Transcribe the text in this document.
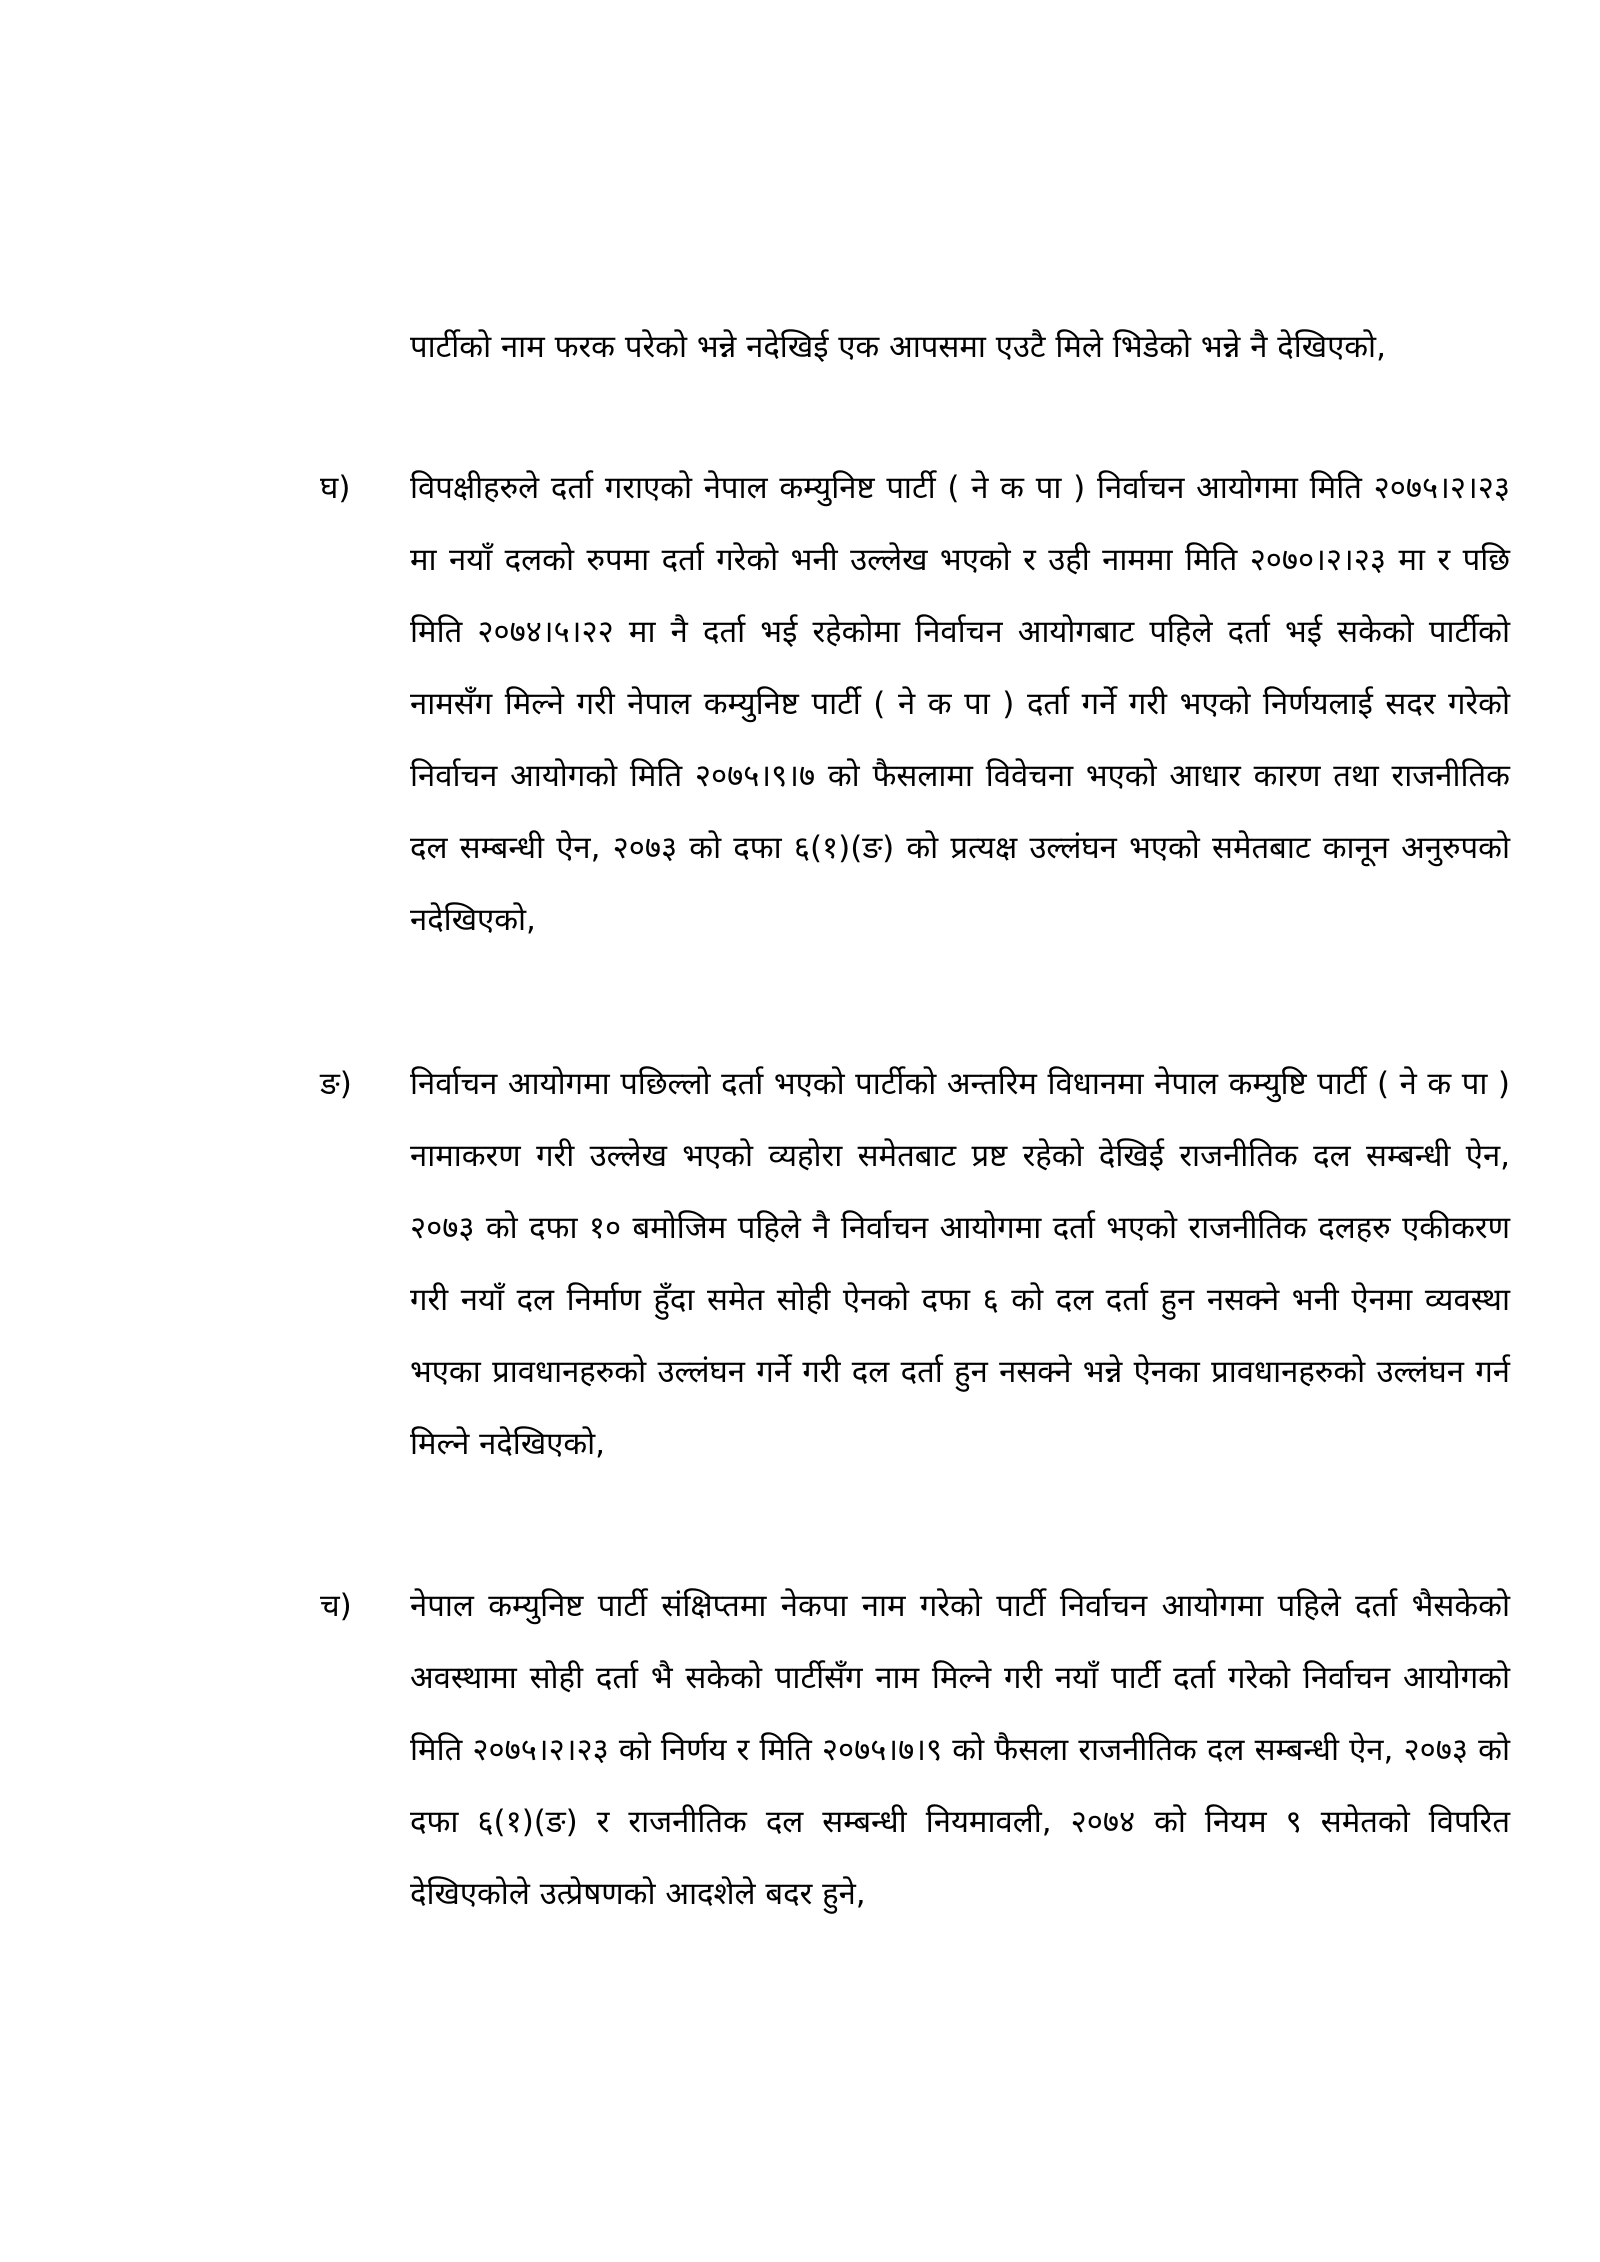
पार्टीको नाम फरक परेको भन्ने नदेखिई एक आपसमा एउटै मिले भिडेको भन्ने नै देखिएको,

घ)	विपक्षीहरुले दर्ता गराएको नेपाल कम्युनिष्ट पार्टी ( ने क पा ) निर्वाचन आयोगमा मिति २०७५।२।२३ मा नयाँ दलको रुपमा दर्ता गरेको भनी उल्लेख भएको र उही नाममा मिति २०७०।२।२३ मा र पछि मिति २०७४।५।२२ मा नै दर्ता भई रहेकोमा निर्वाचन आयोगबाट पहिले दर्ता भई सकेको पार्टीको नामसँग मिल्ने गरी नेपाल कम्युनिष्ट पार्टी ( ने क पा ) दर्ता गर्ने गरी भएको निर्णयलाई सदर गरेको निर्वाचन आयोगको मिति २०७५।९।७ को फैसलामा विवेचना भएको आधार कारण तथा राजनीतिक दल सम्बन्धी ऐन, २०७३ को दफा ६(१)(ङ) को प्रत्यक्ष उल्लंघन भएको समेतबाट कानून अनुरुपको नदेखिएको,
ङ)	निर्वाचन आयोगमा पछिल्लो दर्ता भएको पार्टीको अन्तरिम विधानमा नेपाल कम्युष्टि पार्टी ( ने क पा ) नामाकरण गरी उल्लेख भएको व्यहोरा समेतबाट प्रष्ट रहेको देखिई राजनीतिक दल सम्बन्धी ऐन, २०७३ को दफा १० बमोजिम पहिले नै निर्वाचन आयोगमा दर्ता भएको राजनीतिक दलहरु एकीकरण गरी नयाँ दल निर्माण हुँदा समेत सोही ऐनको दफा ६ को दल दर्ता हुन नसक्ने भनी ऐनमा व्यवस्था भएका प्रावधानहरुको उल्लंघन गर्ने गरी दल दर्ता हुन नसक्ने भन्ने ऐनका प्रावधानहरुको उल्लंघन गर्न मिल्ने नदेखिएको,
च)	नेपाल कम्युनिष्ट पार्टी संक्षिप्तमा नेकपा नाम गरेको पार्टी निर्वाचन आयोगमा पहिले दर्ता भैसकेको अवस्थामा सोही दर्ता भै सकेको पार्टीसँग नाम मिल्ने गरी नयाँ पार्टी दर्ता गरेको निर्वाचन आयोगको मिति २०७५।२।२३ को निर्णय र मिति २०७५।७।९ को फैसला राजनीतिक दल सम्बन्धी ऐन, २०७३ को दफा ६(१)(ङ) र राजनीतिक दल सम्बन्धी नियमावली, २०७४ को नियम ९ समेतको विपरित देखिएकोले उत्प्रेषणको आदशेले बदर हुने,
